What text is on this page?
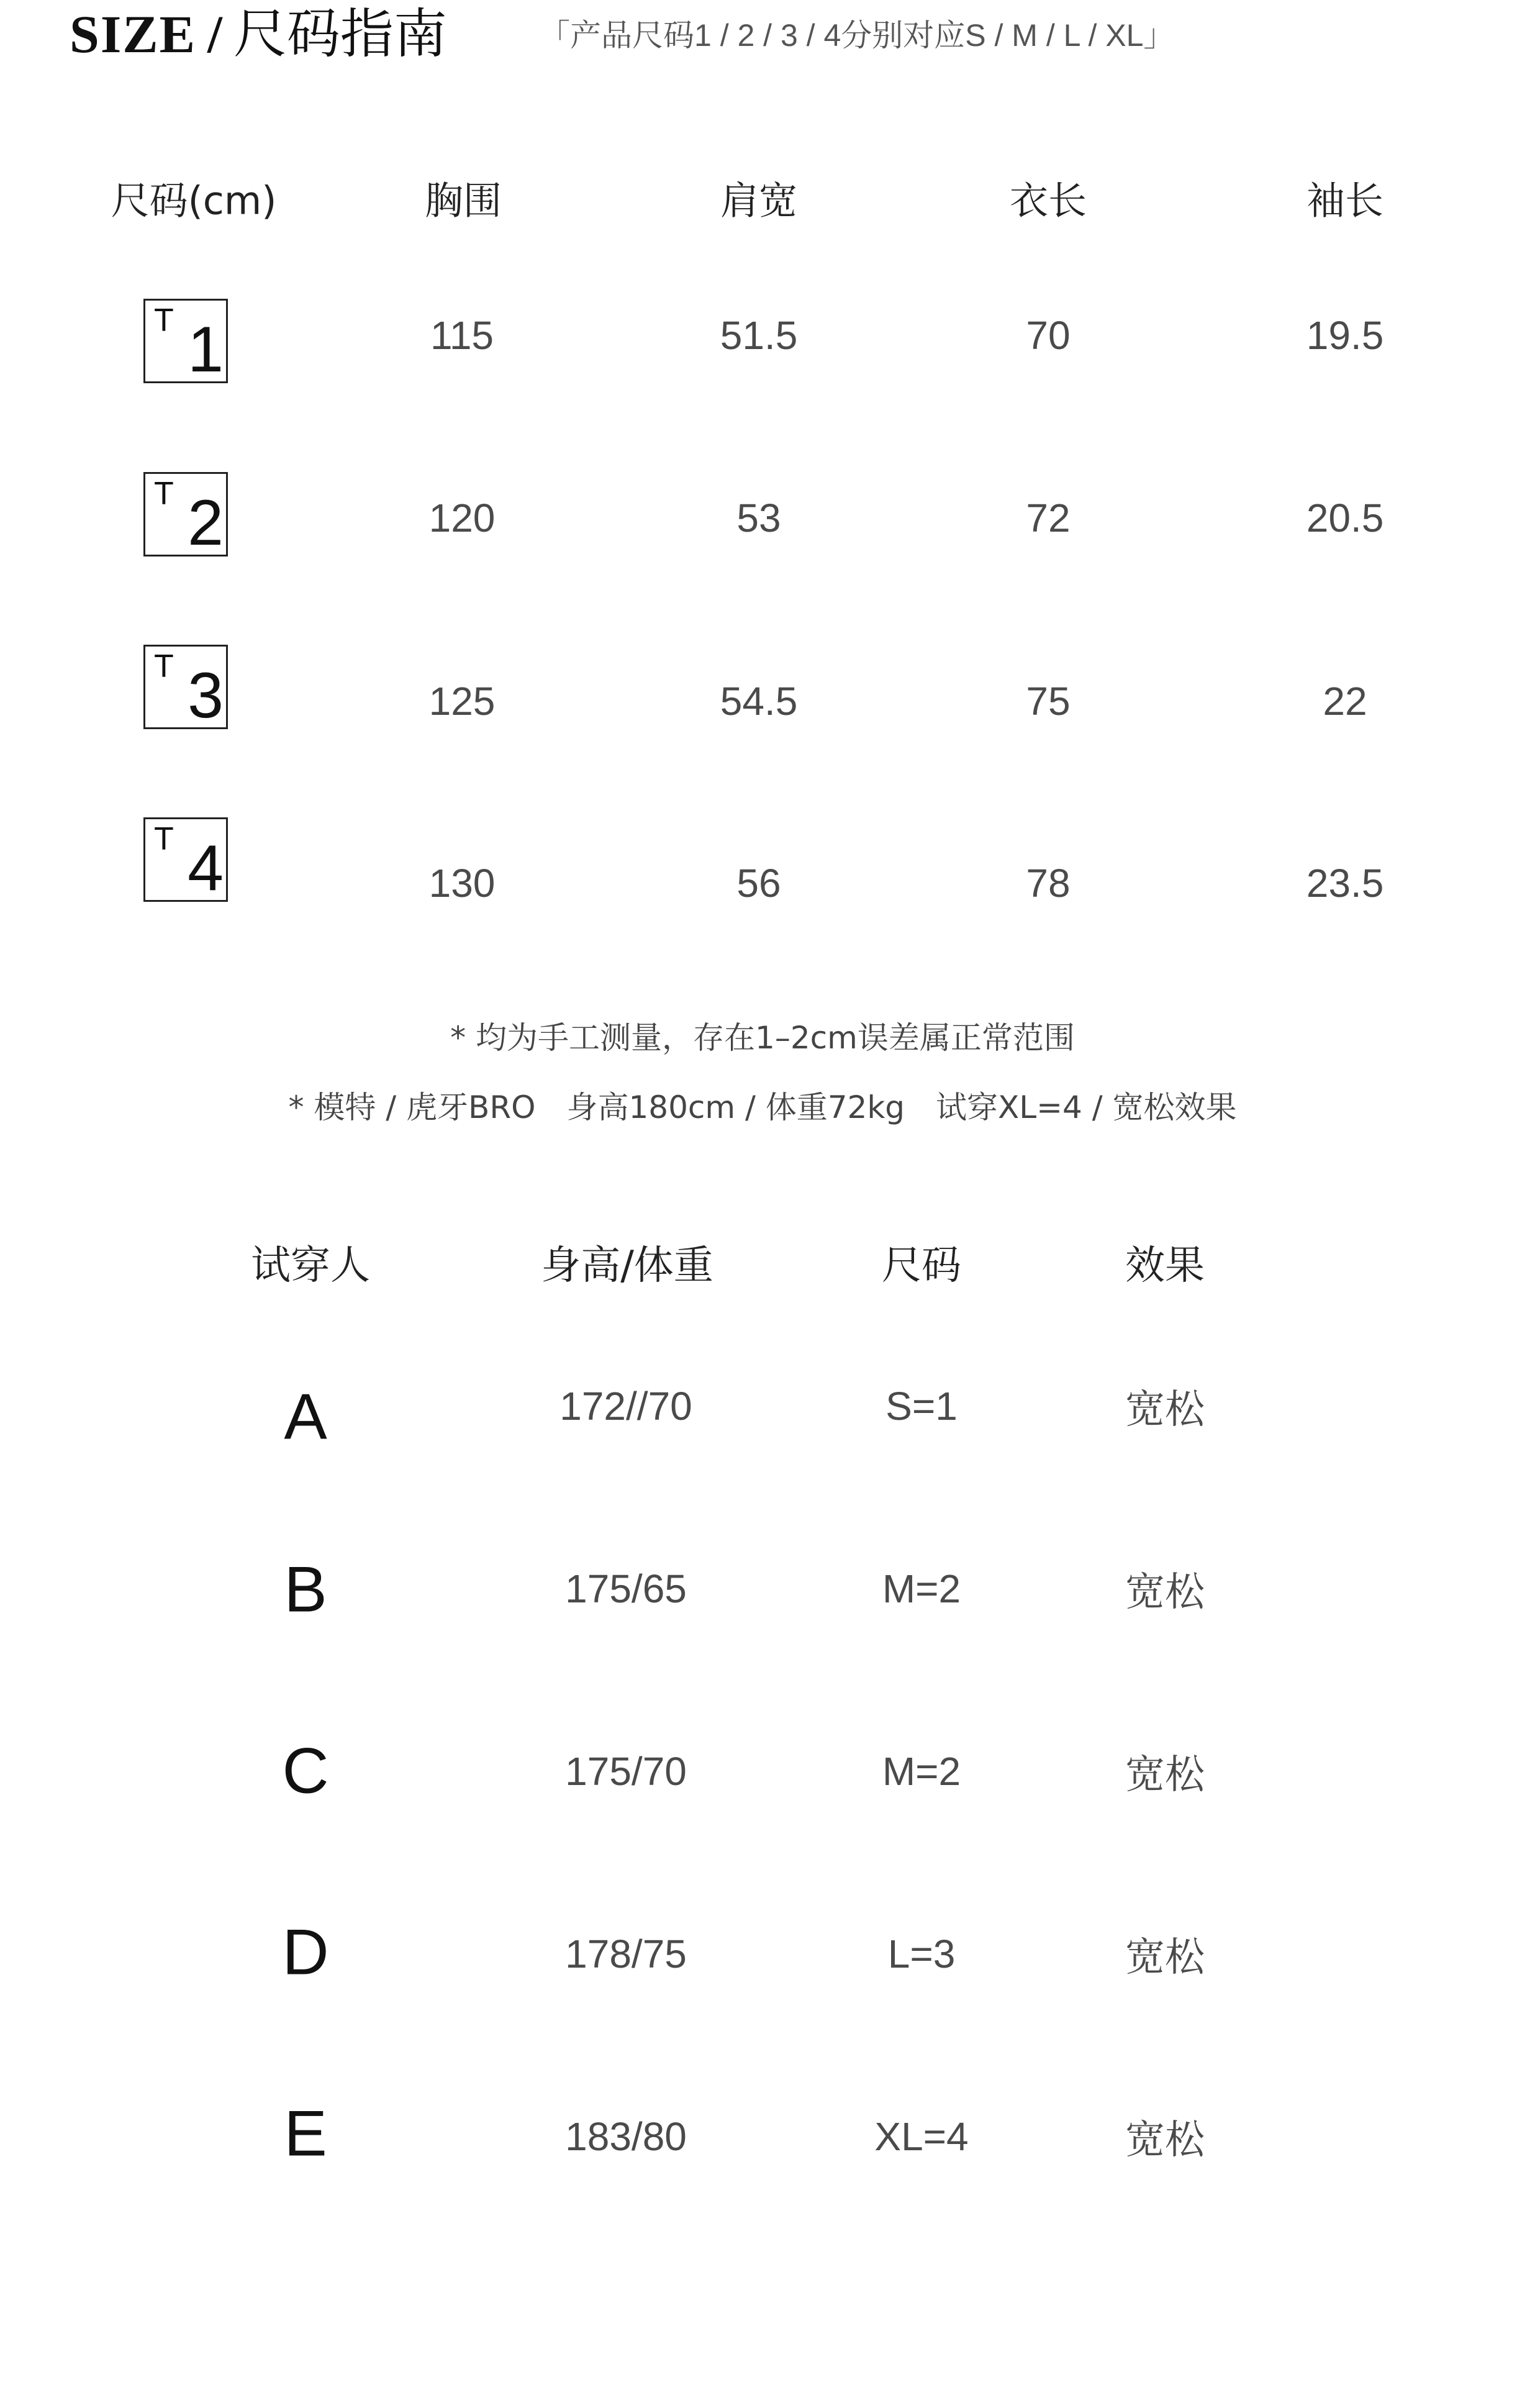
SIZE / 尺码指南	「产品尺码1 / 2 / 3 / 4分别对应S / M / L / XL」
尺码(cm)	胸围	肩宽	衣长	袖长
T 1	115	51.5	70	19.5
T 2	120	53	72	20.5
T 3	125	54.5	75	22
T 4	130	56	78	23.5
* 均为手工测量，存在1–2cm误差属正常范围
* 模特 / 虎牙BRO　身高180cm / 体重72kg　试穿XL=4 / 宽松效果
试穿人	身高/体重	尺码	效果
A	172//70	S=1	宽松
B	175/65	M=2	宽松
C	175/70	M=2	宽松
D	178/75	L=3	宽松
E	183/80	XL=4	宽松
